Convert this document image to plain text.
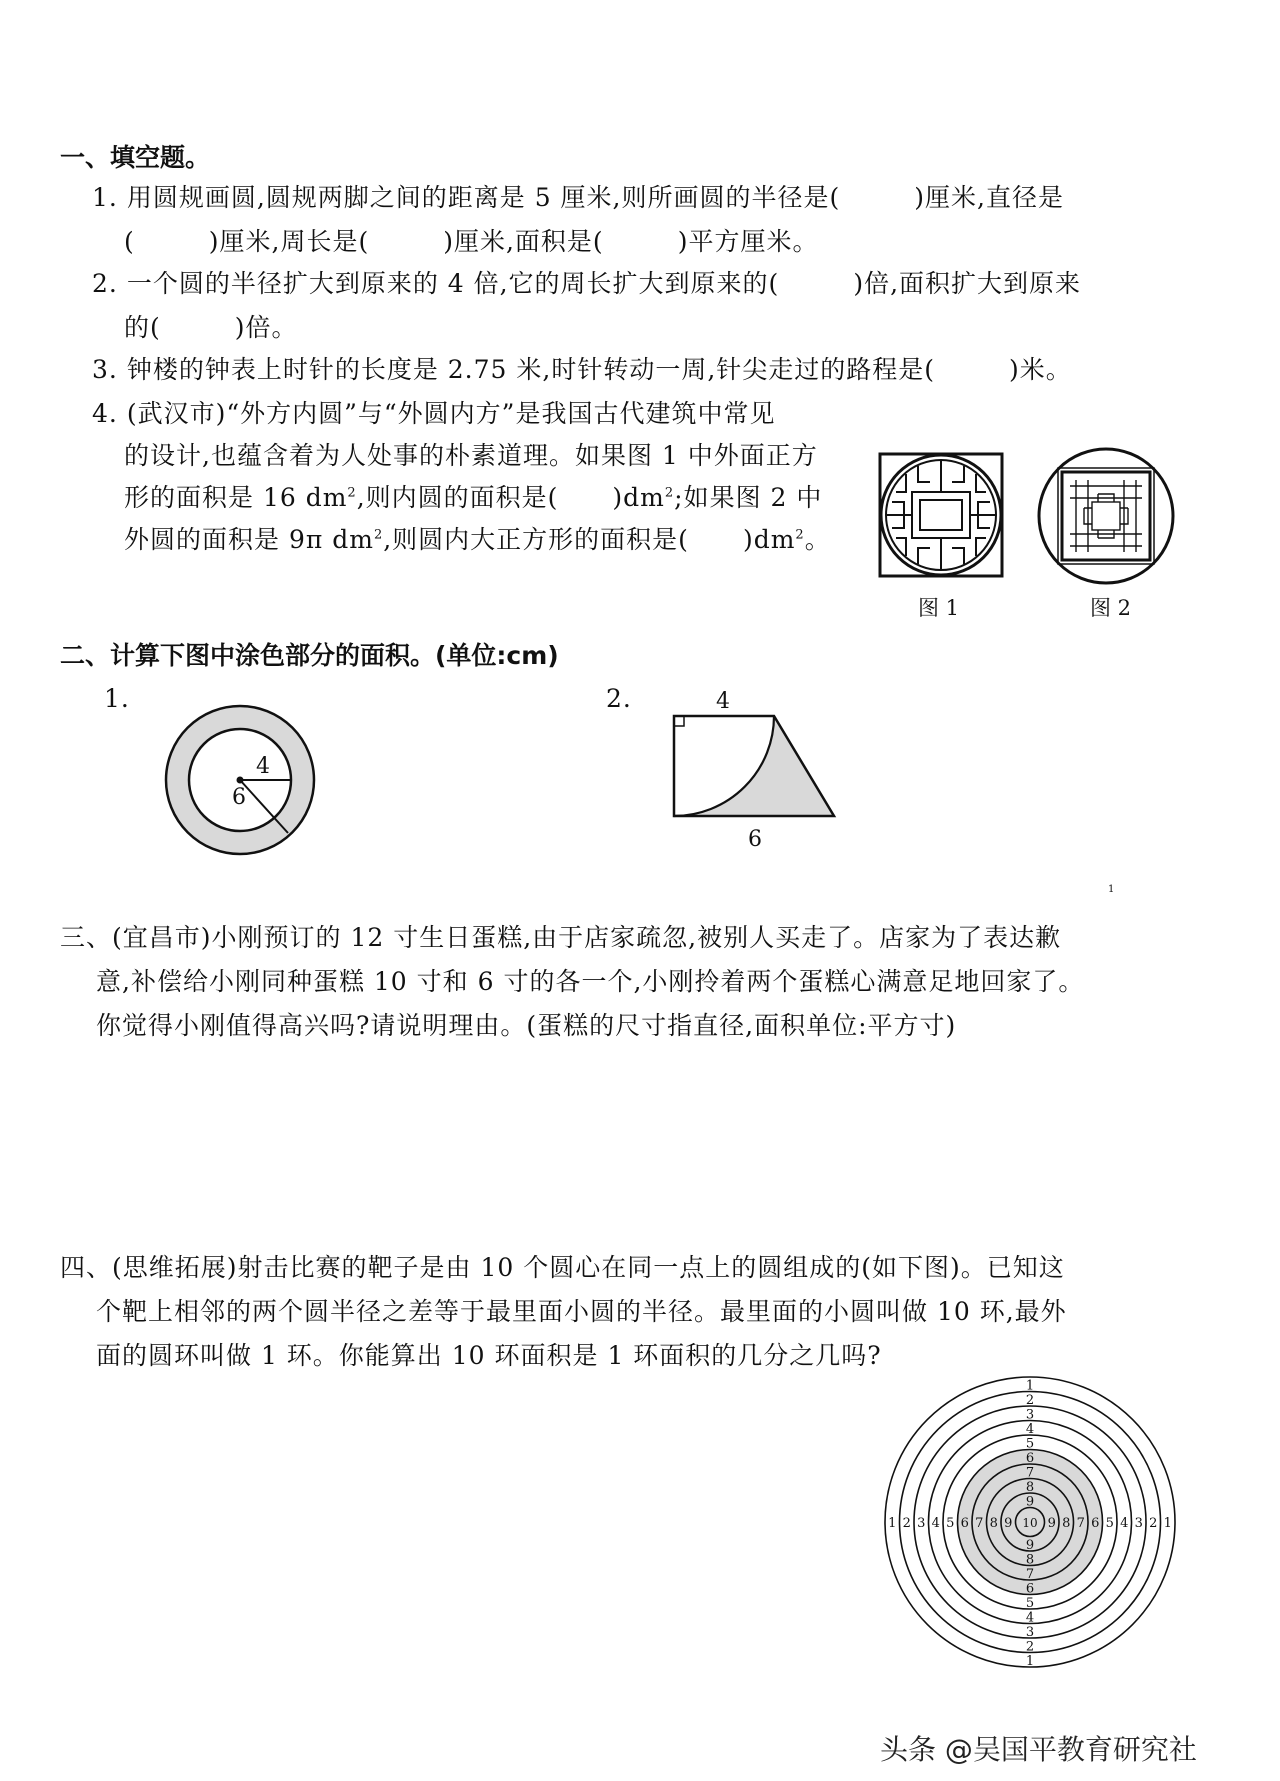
一、填空题。
1. 用圆规画圆,圆规两脚之间的距离是 5 厘米,则所画圆的半径是(	)厘米,直径是
(	)厘米,周长是(	)厘米,面积是(	)平方厘米。
2. 一个圆的半径扩大到原来的 4 倍,它的周长扩大到原来的(	)倍,面积扩大到原来
的(	)倍。
3. 钟楼的钟表上时针的长度是 2.75 米,时针转动一周,针尖走过的路程是(	)米。
4. (武汉市)“外方内圆”与“外圆内方”是我国古代建筑中常见
的设计,也蕴含着为人处事的朴素道理。如果图 1 中外面正方
形的面积是 16 $dm^2$,则内圆的面积是( )$dm^2$;如果图 2 中
外圆的面积是 9π $dm^2$,则圆内大正方形的面积是( )$dm^2$。
图 1	图 2
二、计算下图中涂色部分的面积。(单位:cm)
1.	2.
4
6
4
6
1
三、(宜昌市)小刚预订的 12 寸生日蛋糕,由于店家疏忽,被别人买走了。店家为了表达歉
意,补偿给小刚同种蛋糕 10 寸和 6 寸的各一个,小刚拎着两个蛋糕心满意足地回家了。
你觉得小刚值得高兴吗?请说明理由。(蛋糕的尺寸指直径,面积单位:平方寸)
四、(思维拓展)射击比赛的靶子是由 10 个圆心在同一点上的圆组成的(如下图)。已知这
个靶上相邻的两个圆半径之差等于最里面小圆的半径。最里面的小圆叫做 10 环,最外
面的圆环叫做 1 环。你能算出 10 环面积是 1 环面积的几分之几吗?
1
1
1	1
2
2
2	2
3
3
3	3
4
4
4	4
5
5
5	5
6
6
6	6
7
7
7	7
8
8
8	8
9
9
9	9
10
头条 @吴国平教育研究社
